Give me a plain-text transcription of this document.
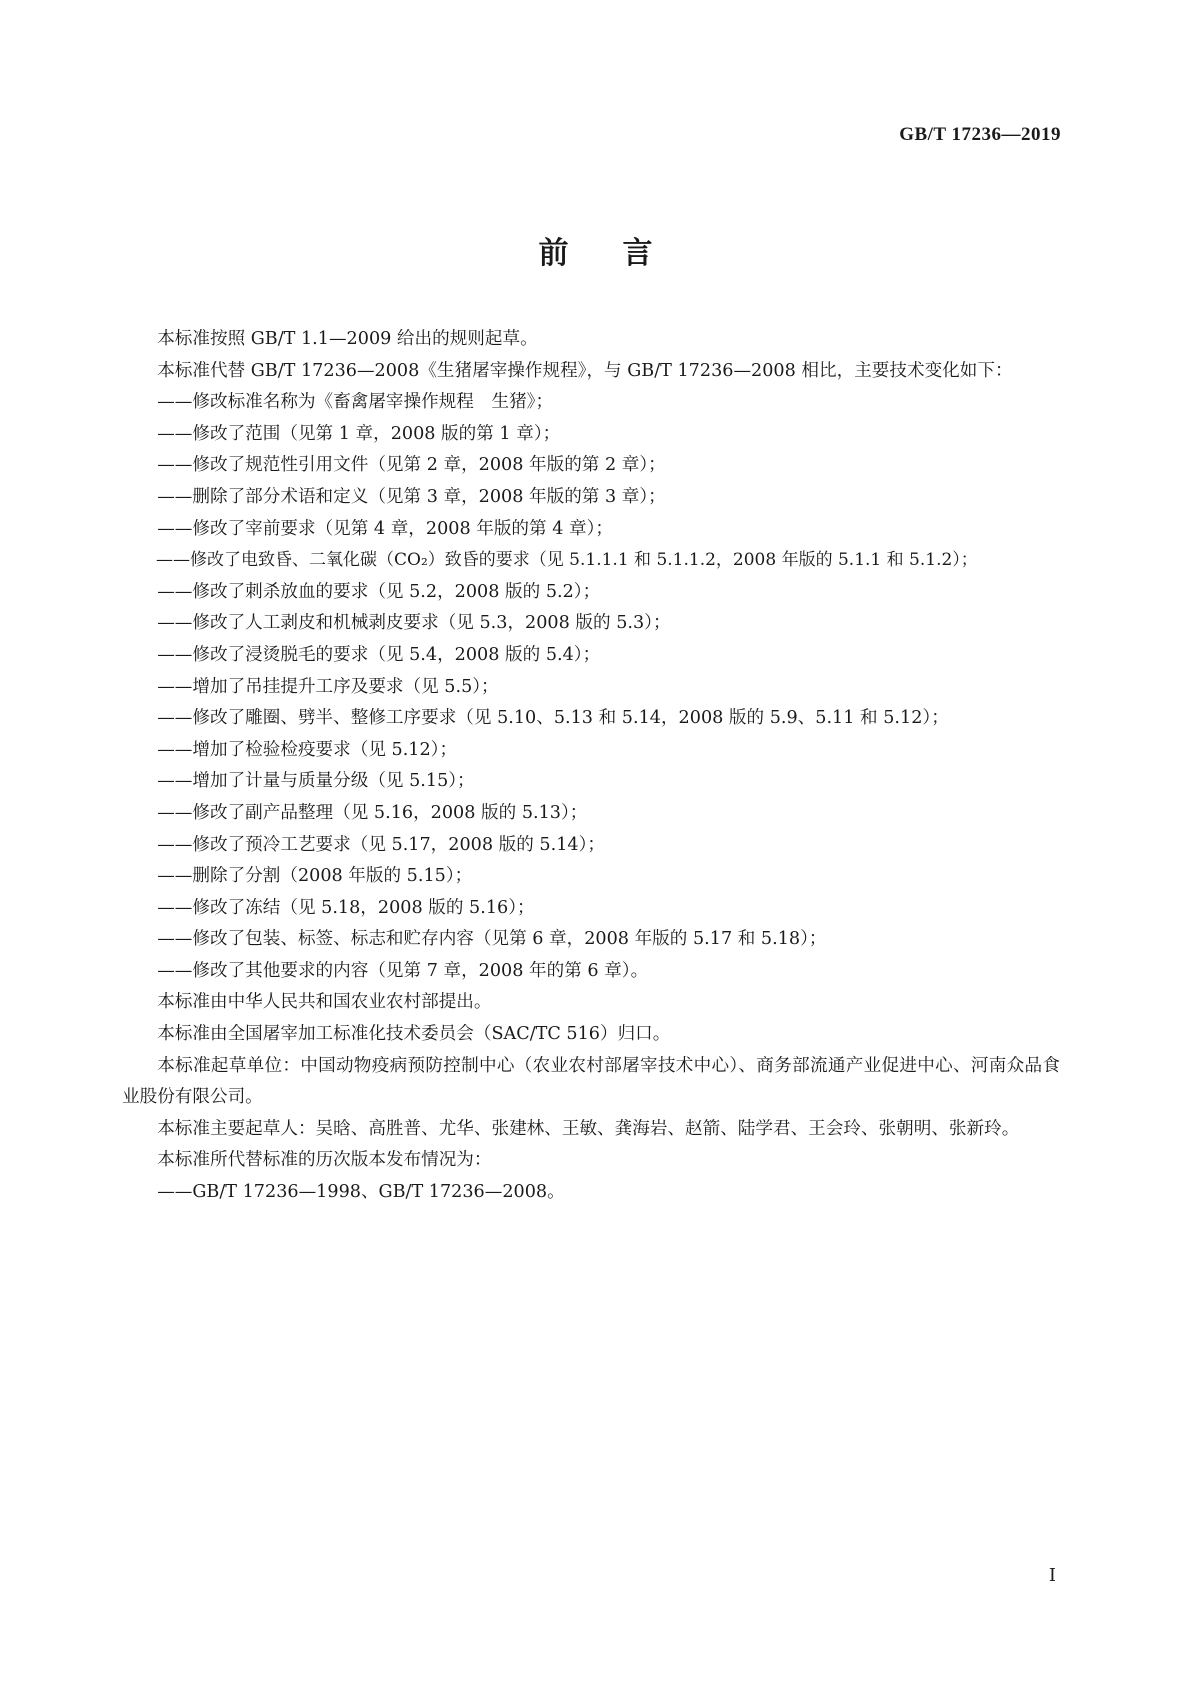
GB/T 17236—2019
前言

本标准按照 GB/T 1.1—2009 给出的规则起草。

本标准代替 GB/T 17236—2008《生猪屠宰操作规程》，与 GB/T 17236—2008 相比，主要技术变化如下：

——修改标准名称为《畜禽屠宰操作规程　生猪》；

——修改了范围（见第 1 章，2008 版的第 1 章）；

——修改了规范性引用文件（见第 2 章，2008 年版的第 2 章）；

——删除了部分术语和定义（见第 3 章，2008 年版的第 3 章）；

——修改了宰前要求（见第 4 章，2008 年版的第 4 章）；

——修改了电致昏、二氧化碳（CO₂）致昏的要求（见 5.1.1.1 和 5.1.1.2，2008 年版的 5.1.1 和 5.1.2）；

——修改了刺杀放血的要求（见 5.2，2008 版的 5.2）；

——修改了人工剥皮和机械剥皮要求（见 5.3，2008 版的 5.3）；

——修改了浸烫脱毛的要求（见 5.4，2008 版的 5.4）；

——增加了吊挂提升工序及要求（见 5.5）；

——修改了雕圈、劈半、整修工序要求（见 5.10、5.13 和 5.14，2008 版的 5.9、5.11 和 5.12）；

——增加了检验检疫要求（见 5.12）；

——增加了计量与质量分级（见 5.15）；

——修改了副产品整理（见 5.16，2008 版的 5.13）；

——修改了预冷工艺要求（见 5.17，2008 版的 5.14）；

——删除了分割（2008 年版的 5.15）；

——修改了冻结（见 5.18，2008 版的 5.16）；

——修改了包装、标签、标志和贮存内容（见第 6 章，2008 年版的 5.17 和 5.18）；

——修改了其他要求的内容（见第 7 章，2008 年的第 6 章）。

本标准由中华人民共和国农业农村部提出。

本标准由全国屠宰加工标准化技术委员会（SAC/TC 516）归口。

本标准起草单位：中国动物疫病预防控制中心（农业农村部屠宰技术中心）、商务部流通产业促进中心、河南众品食业股份有限公司。

本标准主要起草人：吴晗、高胜普、尤华、张建林、王敏、龚海岩、赵箭、陆学君、王会玲、张朝明、张新玲。

本标准所代替标准的历次版本发布情况为：

——GB/T 17236—1998、GB/T 17236—2008。

Ⅰ
